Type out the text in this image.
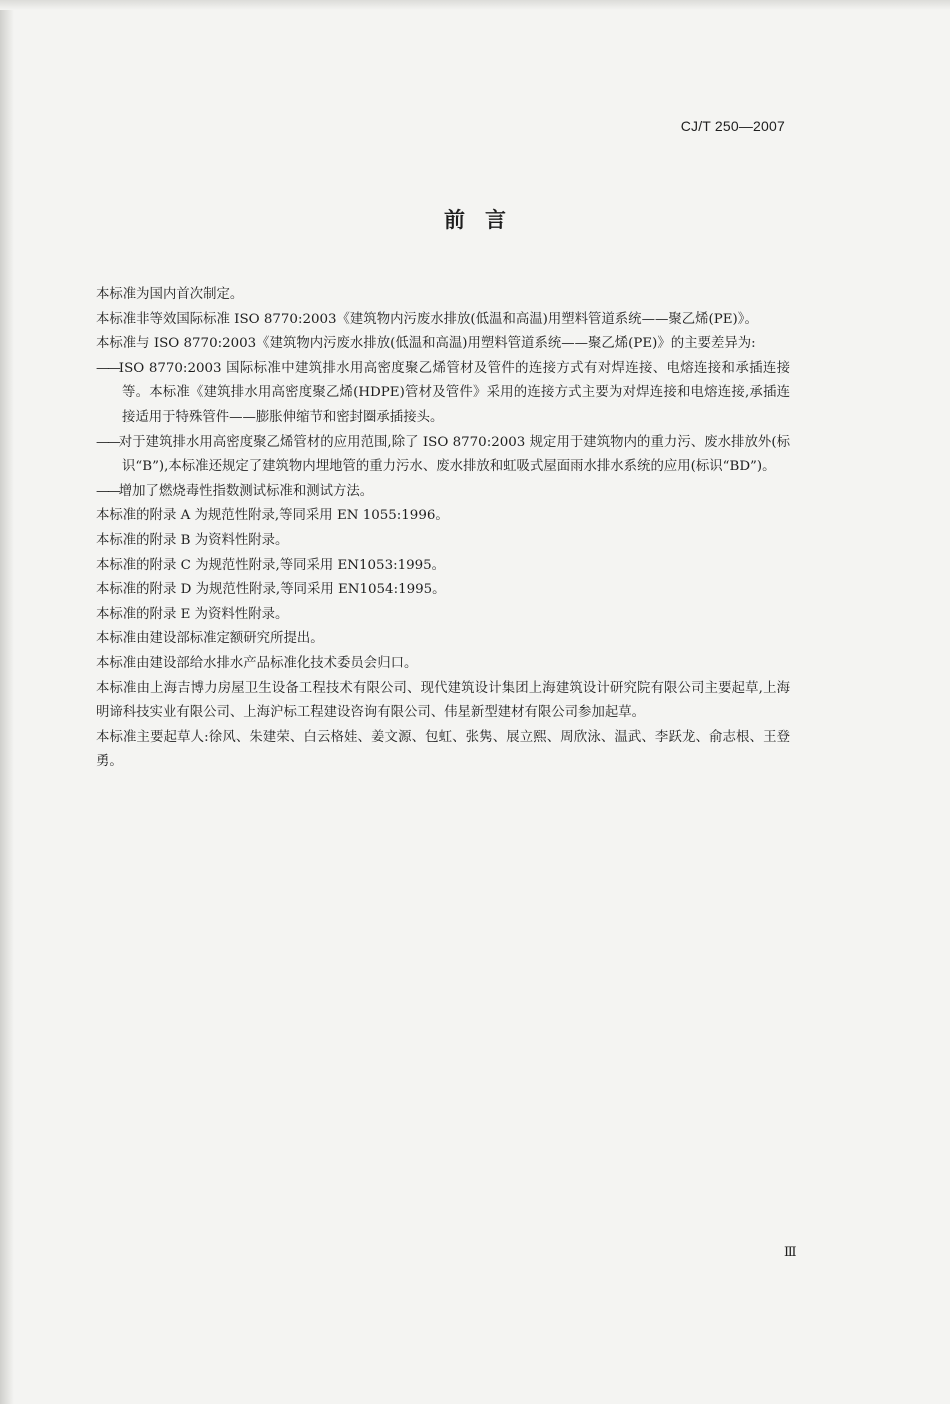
CJ/T 250—2007
前言

本标准为国内首次制定。

本标准非等效国际标准 ISO 8770:2003《建筑物内污废水排放(低温和高温)用塑料管道系统——聚乙烯(PE)》。

本标准与 ISO 8770:2003《建筑物内污废水排放(低温和高温)用塑料管道系统——聚乙烯(PE)》的主要差异为:

——ISO 8770:2003 国际标准中建筑排水用高密度聚乙烯管材及管件的连接方式有对焊连接、电熔连接和承插连接等。本标准《建筑排水用高密度聚乙烯(HDPE)管材及管件》采用的连接方式主要为对焊连接和电熔连接,承插连接适用于特殊管件——膨胀伸缩节和密封圈承插接头。

——对于建筑排水用高密度聚乙烯管材的应用范围,除了 ISO 8770:2003 规定用于建筑物内的重力污、废水排放外(标识“B”),本标准还规定了建筑物内埋地管的重力污水、废水排放和虹吸式屋面雨水排水系统的应用(标识“BD”)。

——增加了燃烧毒性指数测试标准和测试方法。

本标准的附录 A 为规范性附录,等同采用 EN 1055:1996。

本标准的附录 B 为资料性附录。

本标准的附录 C 为规范性附录,等同采用 EN1053:1995。

本标准的附录 D 为规范性附录,等同采用 EN1054:1995。

本标准的附录 E 为资料性附录。

本标准由建设部标准定额研究所提出。

本标准由建设部给水排水产品标准化技术委员会归口。

本标准由上海吉博力房屋卫生设备工程技术有限公司、现代建筑设计集团上海建筑设计研究院有限公司主要起草,上海明谛科技实业有限公司、上海沪标工程建设咨询有限公司、伟星新型建材有限公司参加起草。

本标准主要起草人:徐风、朱建荣、白云格娃、姜文源、包虹、张隽、展立熙、周欣泳、温武、李跃龙、俞志根、王登勇。

Ⅲ
